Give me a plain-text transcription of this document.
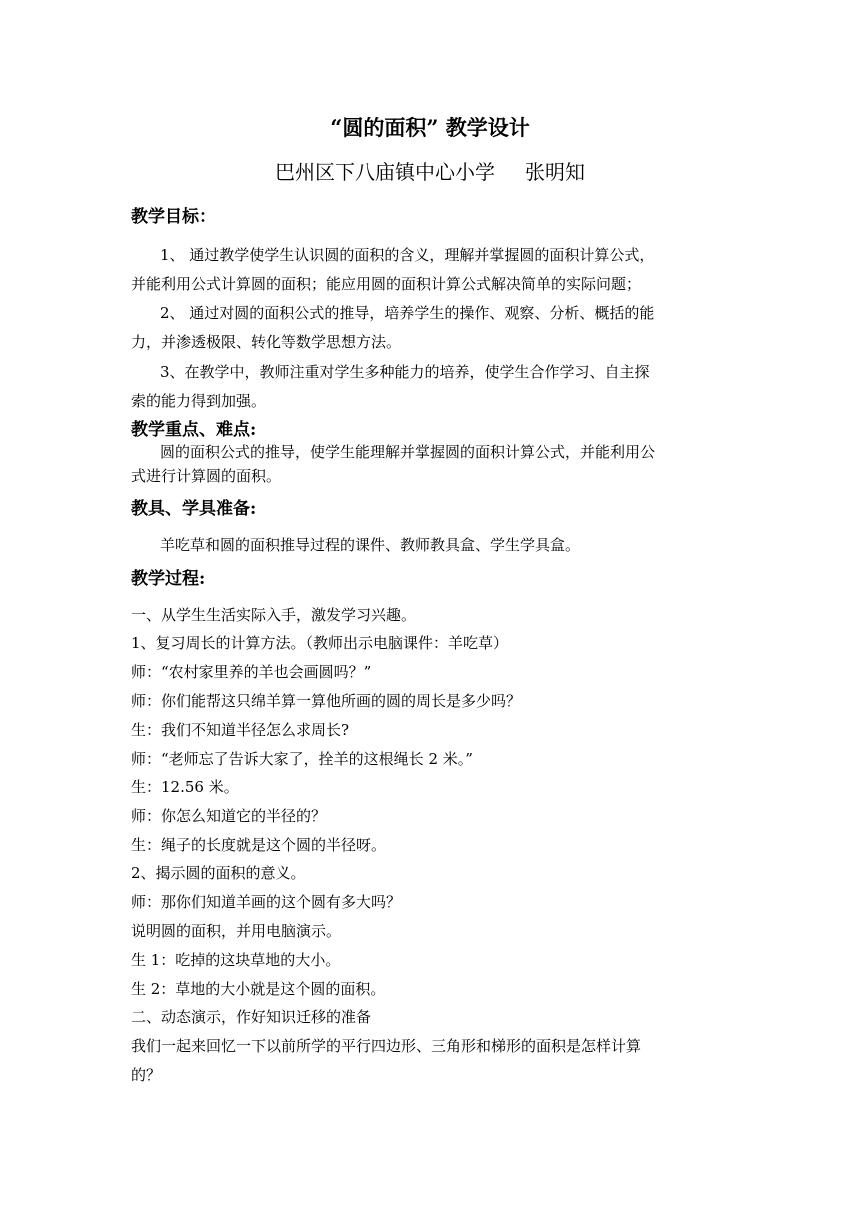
“圆的面积” 教学设计
巴州区下八庙镇中心小学 张明知
教学目标：
1、 通过教学使学生认识圆的面积的含义，理解并掌握圆的面积计算公式，
并能利用公式计算圆的面积；能应用圆的面积计算公式解决简单的实际问题；
2、 通过对圆的面积公式的推导，培养学生的操作、观察、分析、概括的能
力，并渗透极限、转化等数学思想方法。
3、在教学中，教师注重对学生多种能力的培养，使学生合作学习、自主探
索的能力得到加强。
教学重点、难点:
圆的面积公式的推导，使学生能理解并掌握圆的面积计算公式，并能利用公
式进行计算圆的面积。
教具、学具准备:
羊吃草和圆的面积推导过程的课件、教师教具盒、学生学具盒。
教学过程:
一、从学生生活实际入手，激发学习兴趣。
1、复习周长的计算方法。（教师出示电脑课件：羊吃草）
师：“农村家里养的羊也会画圆吗？”
师：你们能帮这只绵羊算一算他所画的圆的周长是多少吗？
生：我们不知道半径怎么求周长?
师：“老师忘了告诉大家了，拴羊的这根绳长 2 米。”
生：12.56 米。
师：你怎么知道它的半径的？
生：绳子的长度就是这个圆的半径呀。
2、揭示圆的面积的意义。
师：那你们知道羊画的这个圆有多大吗？
说明圆的面积，并用电脑演示。
生 1：吃掉的这块草地的大小。
生 2：草地的大小就是这个圆的面积。
二、动态演示，作好知识迁移的准备
我们一起来回忆一下以前所学的平行四边形、三角形和梯形的面积是怎样计算
的？
